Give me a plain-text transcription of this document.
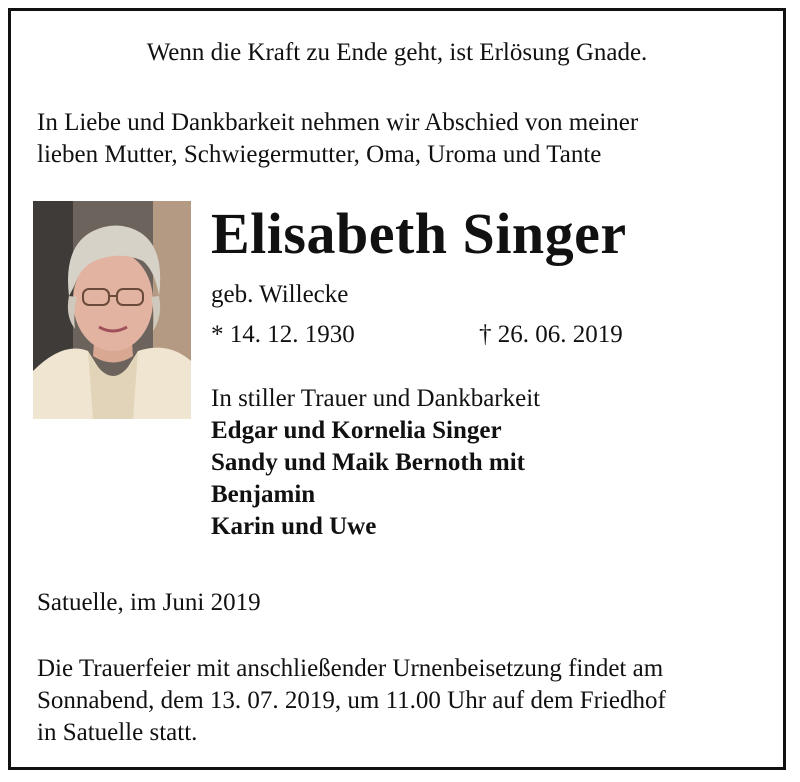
Wenn die Kraft zu Ende geht, ist Erlösung Gnade.
In Liebe und Dankbarkeit nehmen wir Abschied von meiner
lieben Mutter, Schwiegermutter, Oma, Uroma und Tante
Elisabeth Singer
geb. Willecke
* 14. 12. 1930	† 26. 06. 2019
In stiller Trauer und Dankbarkeit
Edgar und Kornelia Singer
Sandy und Maik Bernoth mit
Benjamin
Karin und Uwe
Satuelle, im Juni 2019
Die Trauerfeier mit anschließender Urnenbeisetzung findet am
Sonnabend, dem 13. 07. 2019, um 11.00 Uhr auf dem Friedhof
in Satuelle statt.
